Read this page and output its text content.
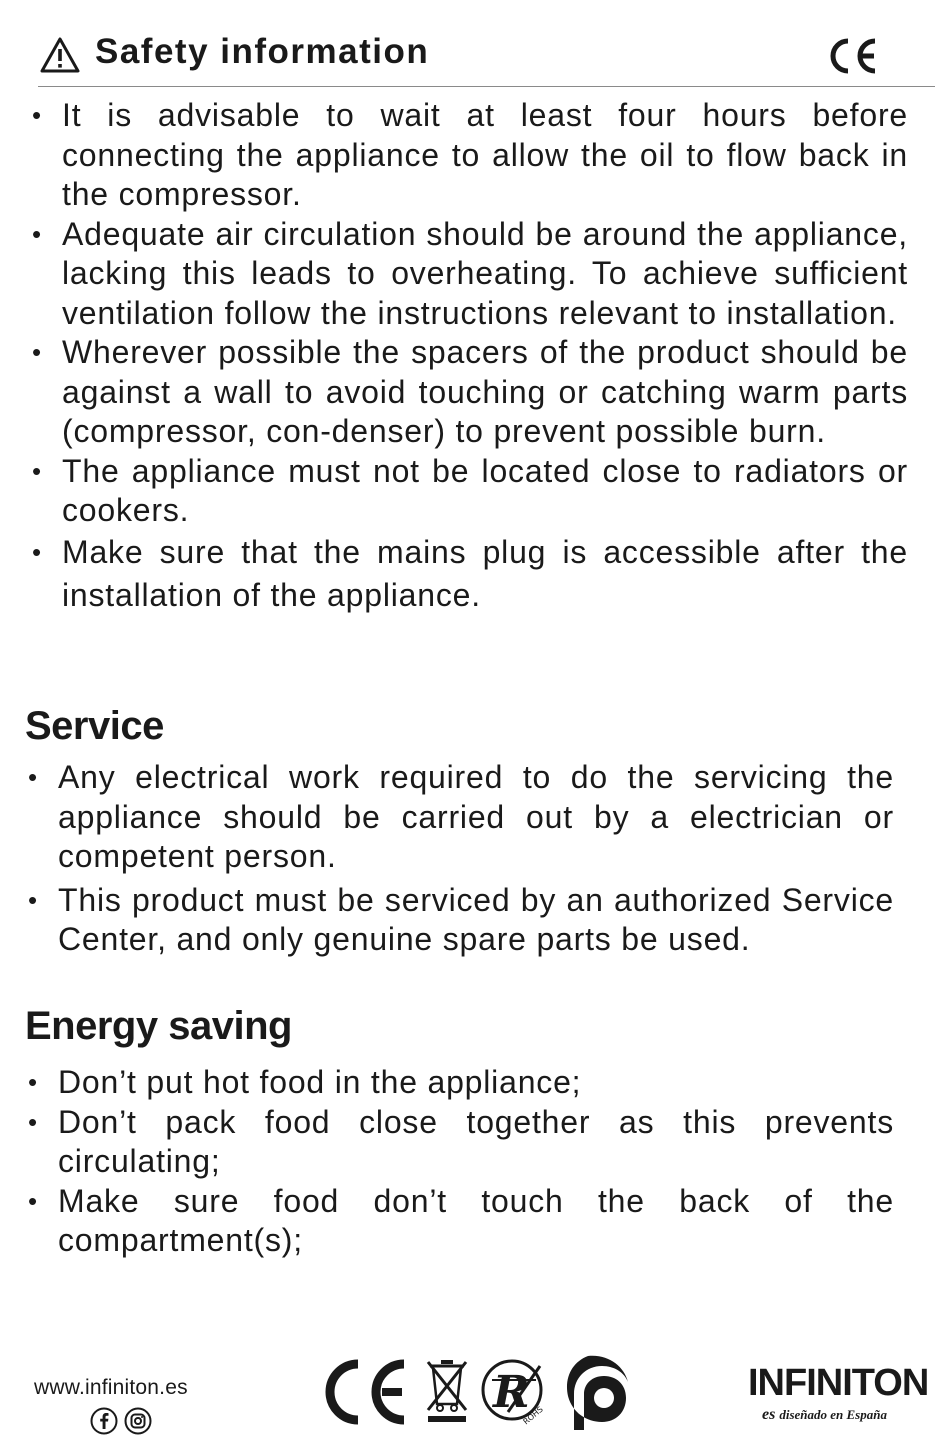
Safety information
• It is advisable to wait at least four hours before connecting the appliance to allow the oil to flow back in the compressor.
• Adequate air circulation should be around the appliance, lacking this leads to overheating. To achieve sufficient ventilation follow the instructions relevant to installation.
• Wherever possible the spacers of the product should be against a wall to avoid touching or catching warm parts (compressor, con-denser) to prevent possible burn.
• The appliance must not be located close to radiators or cookers.
• Make sure that the mains plug is accessible after the installation of the appliance.
Service
• Any electrical work required to do the servicing the appliance should be carried out by a electrician or competent person.
• This product must be serviced by an authorized Service Center, and only genuine spare parts be used.
Energy saving
• Don’t put hot food in the appliance;
• Don’t pack food close together as this prevents circulating;
• Make sure food don’t touch the back of the compartment(s);
www.infiniton.es	R
ROHS
INFINITON
es diseñado en España
